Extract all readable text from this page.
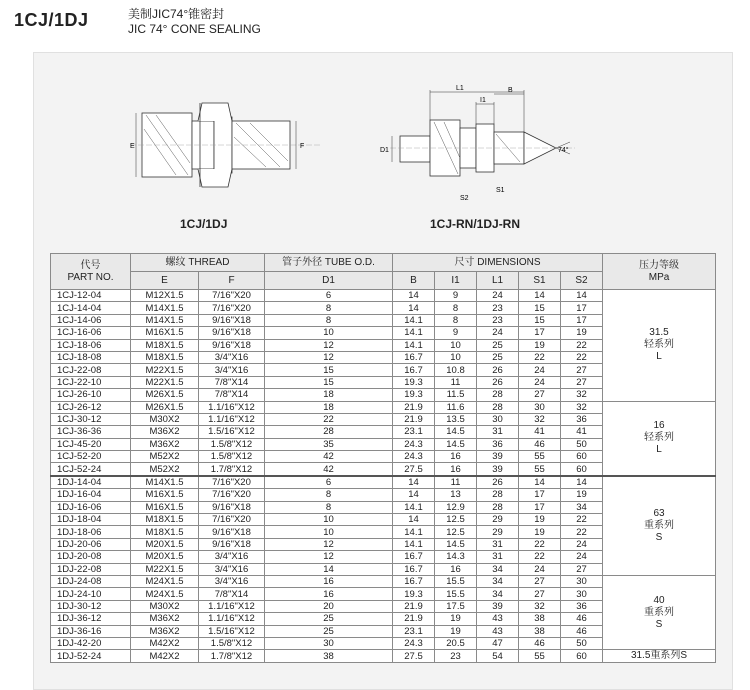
1CJ/1DJ	美制JIC74°锥密封
JIC 74° CONE SEALING
E	F
1CJ/1DJ
L1
I1
B
D1	74°
S2
S1
1CJ-RN/1DJ-RN
代号
PART NO.	螺纹 THREAD		管子外径 TUBE O.D.	尺寸 DIMENSIONS					压力等级
MPa
	E	F	D1	B	I1	L1	S1	S2	
1CJ-12-04	M12X1.5	7/16"X20	6	14	9	24	14	14	31.5
轻系列
L
1CJ-14-04	M14X1.5	7/16"X20	8	14	8	23	15	17	
1CJ-14-06	M14X1.5	9/16"X18	8	14.1	8	23	15	17	
1CJ-16-06	M16X1.5	9/16"X18	10	14.1	9	24	17	19	
1CJ-18-06	M18X1.5	9/16"X18	12	14.1	10	25	19	22	
1CJ-18-08	M18X1.5	3/4"X16	12	16.7	10	25	22	22	
1CJ-22-08	M22X1.5	3/4"X16	15	16.7	10.8	26	24	27	
1CJ-22-10	M22X1.5	7/8"X14	15	19.3	11	26	24	27	
1CJ-26-10	M26X1.5	7/8"X14	18	19.3	11.5	28	27	32	
1CJ-26-12	M26X1.5	1.1/16"X12	18	21.9	11.6	28	30	32	16
轻系列
L
1CJ-30-12	M30X2	1.1/16"X12	22	21.9	13.5	30	32	36	
1CJ-36-36	M36X2	1.5/16"X12	28	23.1	14.5	31	41	41	
1CJ-45-20	M36X2	1.5/8"X12	35	24.3	14.5	36	46	50	
1CJ-52-20	M52X2	1.5/8"X12	42	24.3	16	39	55	60	
1CJ-52-24	M52X2	1.7/8"X12	42	27.5	16	39	55	60	
1DJ-14-04	M14X1.5	7/16"X20	6	14	11	26	14	14	63
重系列
S
1DJ-16-04	M16X1.5	7/16"X20	8	14	13	28	17	19	
1DJ-16-06	M16X1.5	9/16"X18	8	14.1	12.9	28	17	34	
1DJ-18-04	M18X1.5	7/16"X20	10	14	12.5	29	19	22	
1DJ-18-06	M18X1.5	9/16"X18	10	14.1	12.5	29	19	22	
1DJ-20-06	M20X1.5	9/16"X18	12	14.1	14.5	31	22	24	
1DJ-20-08	M20X1.5	3/4"X16	12	16.7	14.3	31	22	24	
1DJ-22-08	M22X1.5	3/4"X16	14	16.7	16	34	24	27	
1DJ-24-08	M24X1.5	3/4"X16	16	16.7	15.5	34	27	30	40
重系列
S
1DJ-24-10	M24X1.5	7/8"X14	16	19.3	15.5	34	27	30	
1DJ-30-12	M30X2	1.1/16"X12	20	21.9	17.5	39	32	36	
1DJ-36-12	M36X2	1.1/16"X12	25	21.9	19	43	38	46	
1DJ-36-16	M36X2	1.5/16"X12	25	23.1	19	43	38	46	
1DJ-42-20	M42X2	1.5/8"X12	30	24.3	20.5	47	46	50	
1DJ-52-24	M42X2	1.7/8"X12	38	27.5	23	54	55	60	31.5重系列S
